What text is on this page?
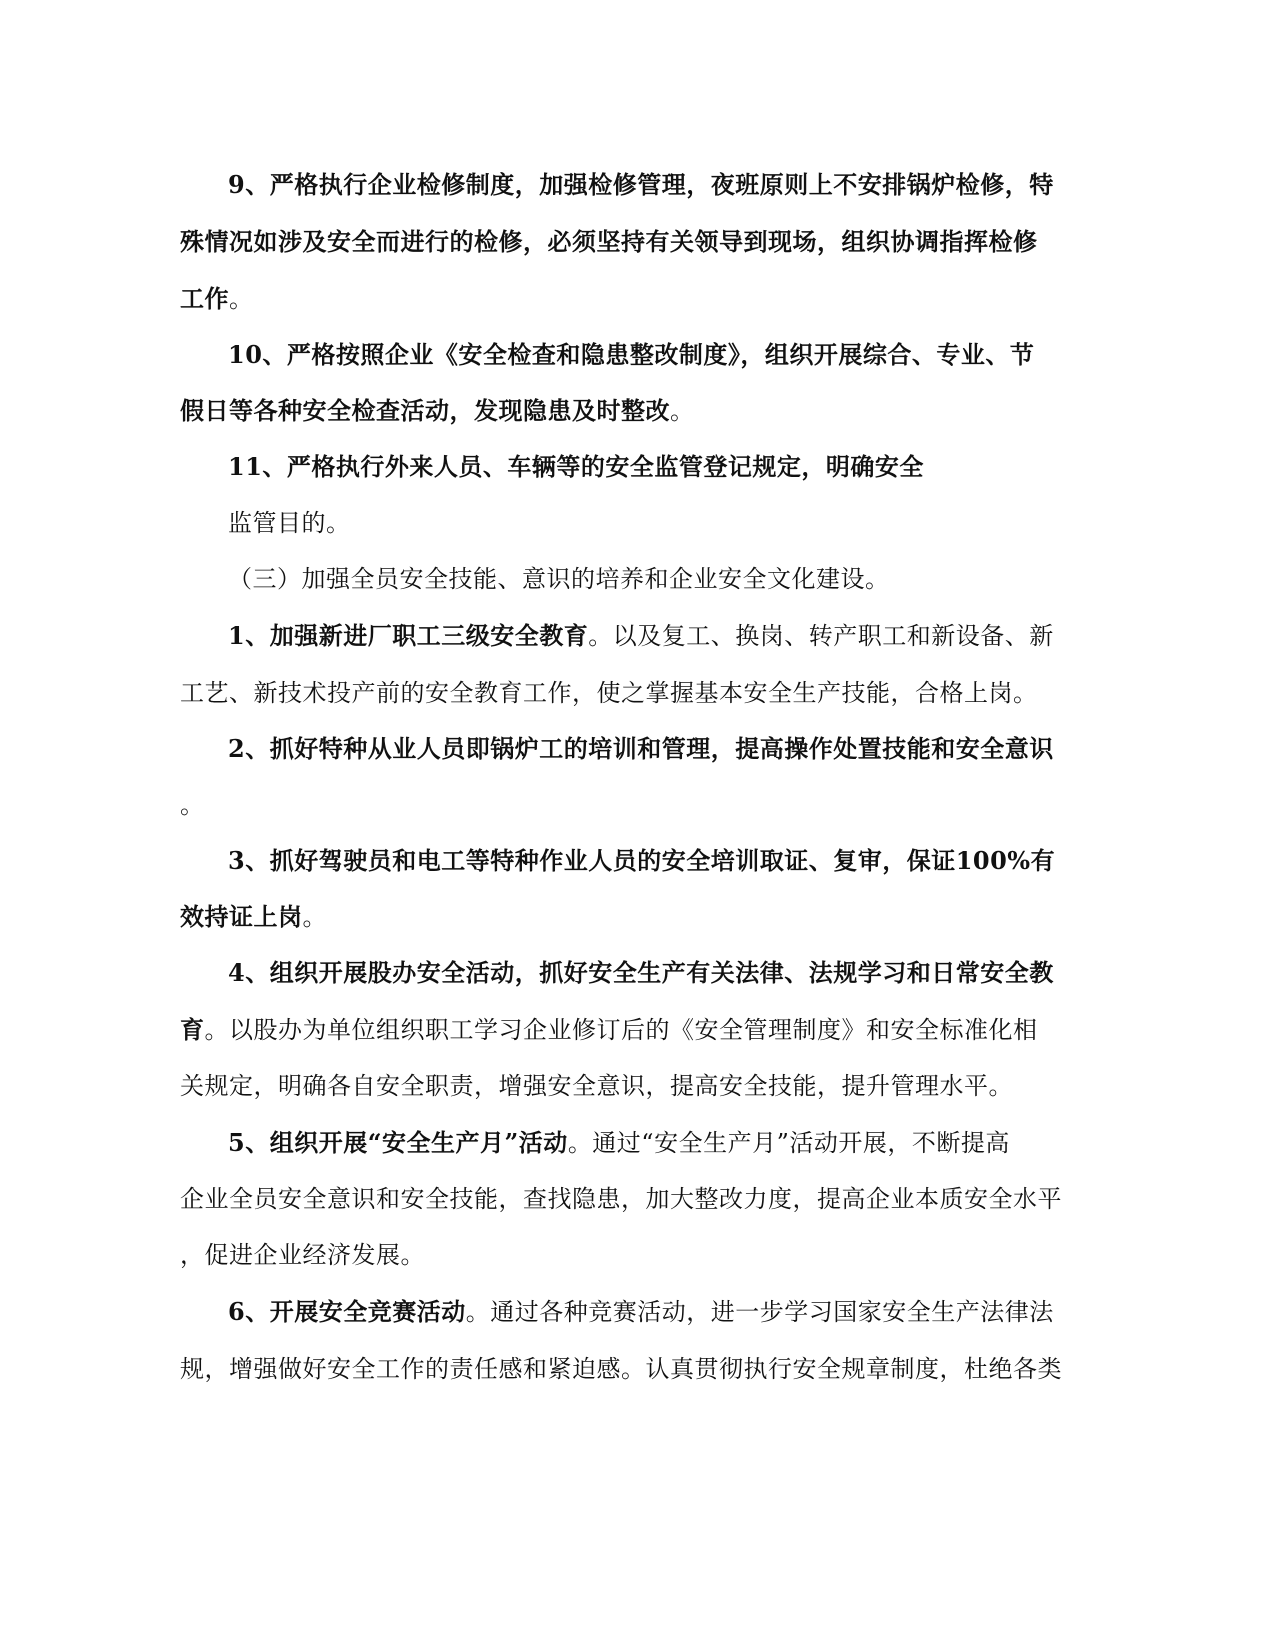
9、严格执行企业检修制度，加强检修管理，夜班原则上不安排锅炉检修，特
殊情况如涉及安全而进行的检修，必须坚持有关领导到现场，组织协调指挥检修
工作。
10、严格按照企业《安全检查和隐患整改制度》，组织开展综合、专业、节
假日等各种安全检查活动，发现隐患及时整改。
11、严格执行外来人员、车辆等的安全监管登记规定，明确安全
监管目的。
（三）加强全员安全技能、意识的培养和企业安全文化建设。
1、加强新进厂职工三级安全教育。以及复工、换岗、转产职工和新设备、新
工艺、新技术投产前的安全教育工作，使之掌握基本安全生产技能，合格上岗。
2、抓好特种从业人员即锅炉工的培训和管理，提高操作处置技能和安全意识
。
3、抓好驾驶员和电工等特种作业人员的安全培训取证、复审，保证100%有
效持证上岗。
4、组织开展股办安全活动，抓好安全生产有关法律、法规学习和日常安全教
育。以股办为单位组织职工学习企业修订后的《安全管理制度》和安全标准化相
关规定，明确各自安全职责，增强安全意识，提高安全技能，提升管理水平。
5、组织开展“安全生产月”活动。通过“安全生产月”活动开展，不断提高
企业全员安全意识和安全技能，查找隐患，加大整改力度，提高企业本质安全水平
，促进企业经济发展。
6、开展安全竞赛活动。通过各种竞赛活动，进一步学习国家安全生产法律法
规，增强做好安全工作的责任感和紧迫感。认真贯彻执行安全规章制度，杜绝各类
